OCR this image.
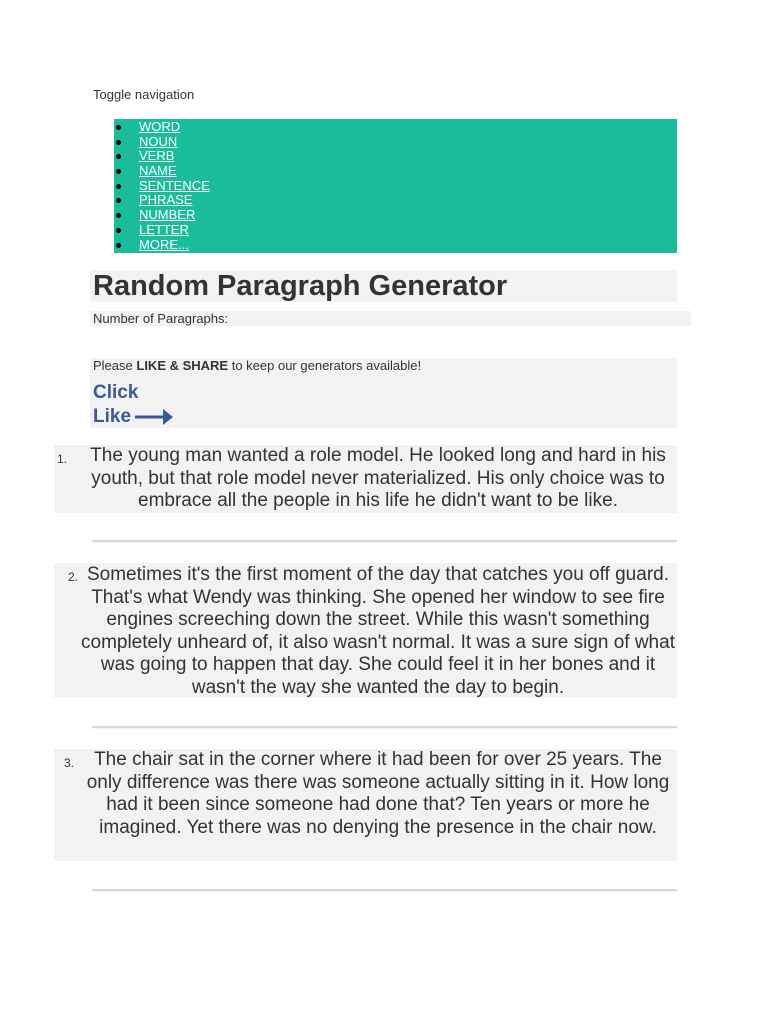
Toggle navigation
WORD
NOUN
VERB
NAME
SENTENCE
PHRASE
NUMBER
LETTER
MORE...
Random Paragraph Generator
Number of Paragraphs:
Please LIKE & SHARE to keep our generators available!
Click
Like
1.	The young man wanted a role model. He looked long and hard in his youth, but that role model never materialized. His only choice was to embrace all the people in his life he didn't want to be like.

2. Sometimes it's the first moment of the day that catches you off guard. That's what Wendy was thinking. She opened her window to see fire engines screeching down the street. While this wasn't something completely unheard of, it also wasn't normal. It was a sure sign of what was going to happen that day. She could feel it in her bones and it wasn't the way she wanted the day to begin.

3.	The chair sat in the corner where it had been for over 25 years. The only difference was there was someone actually sitting in it. How long had it been since someone had done that? Ten years or more he imagined. Yet there was no denying the presence in the chair now.
